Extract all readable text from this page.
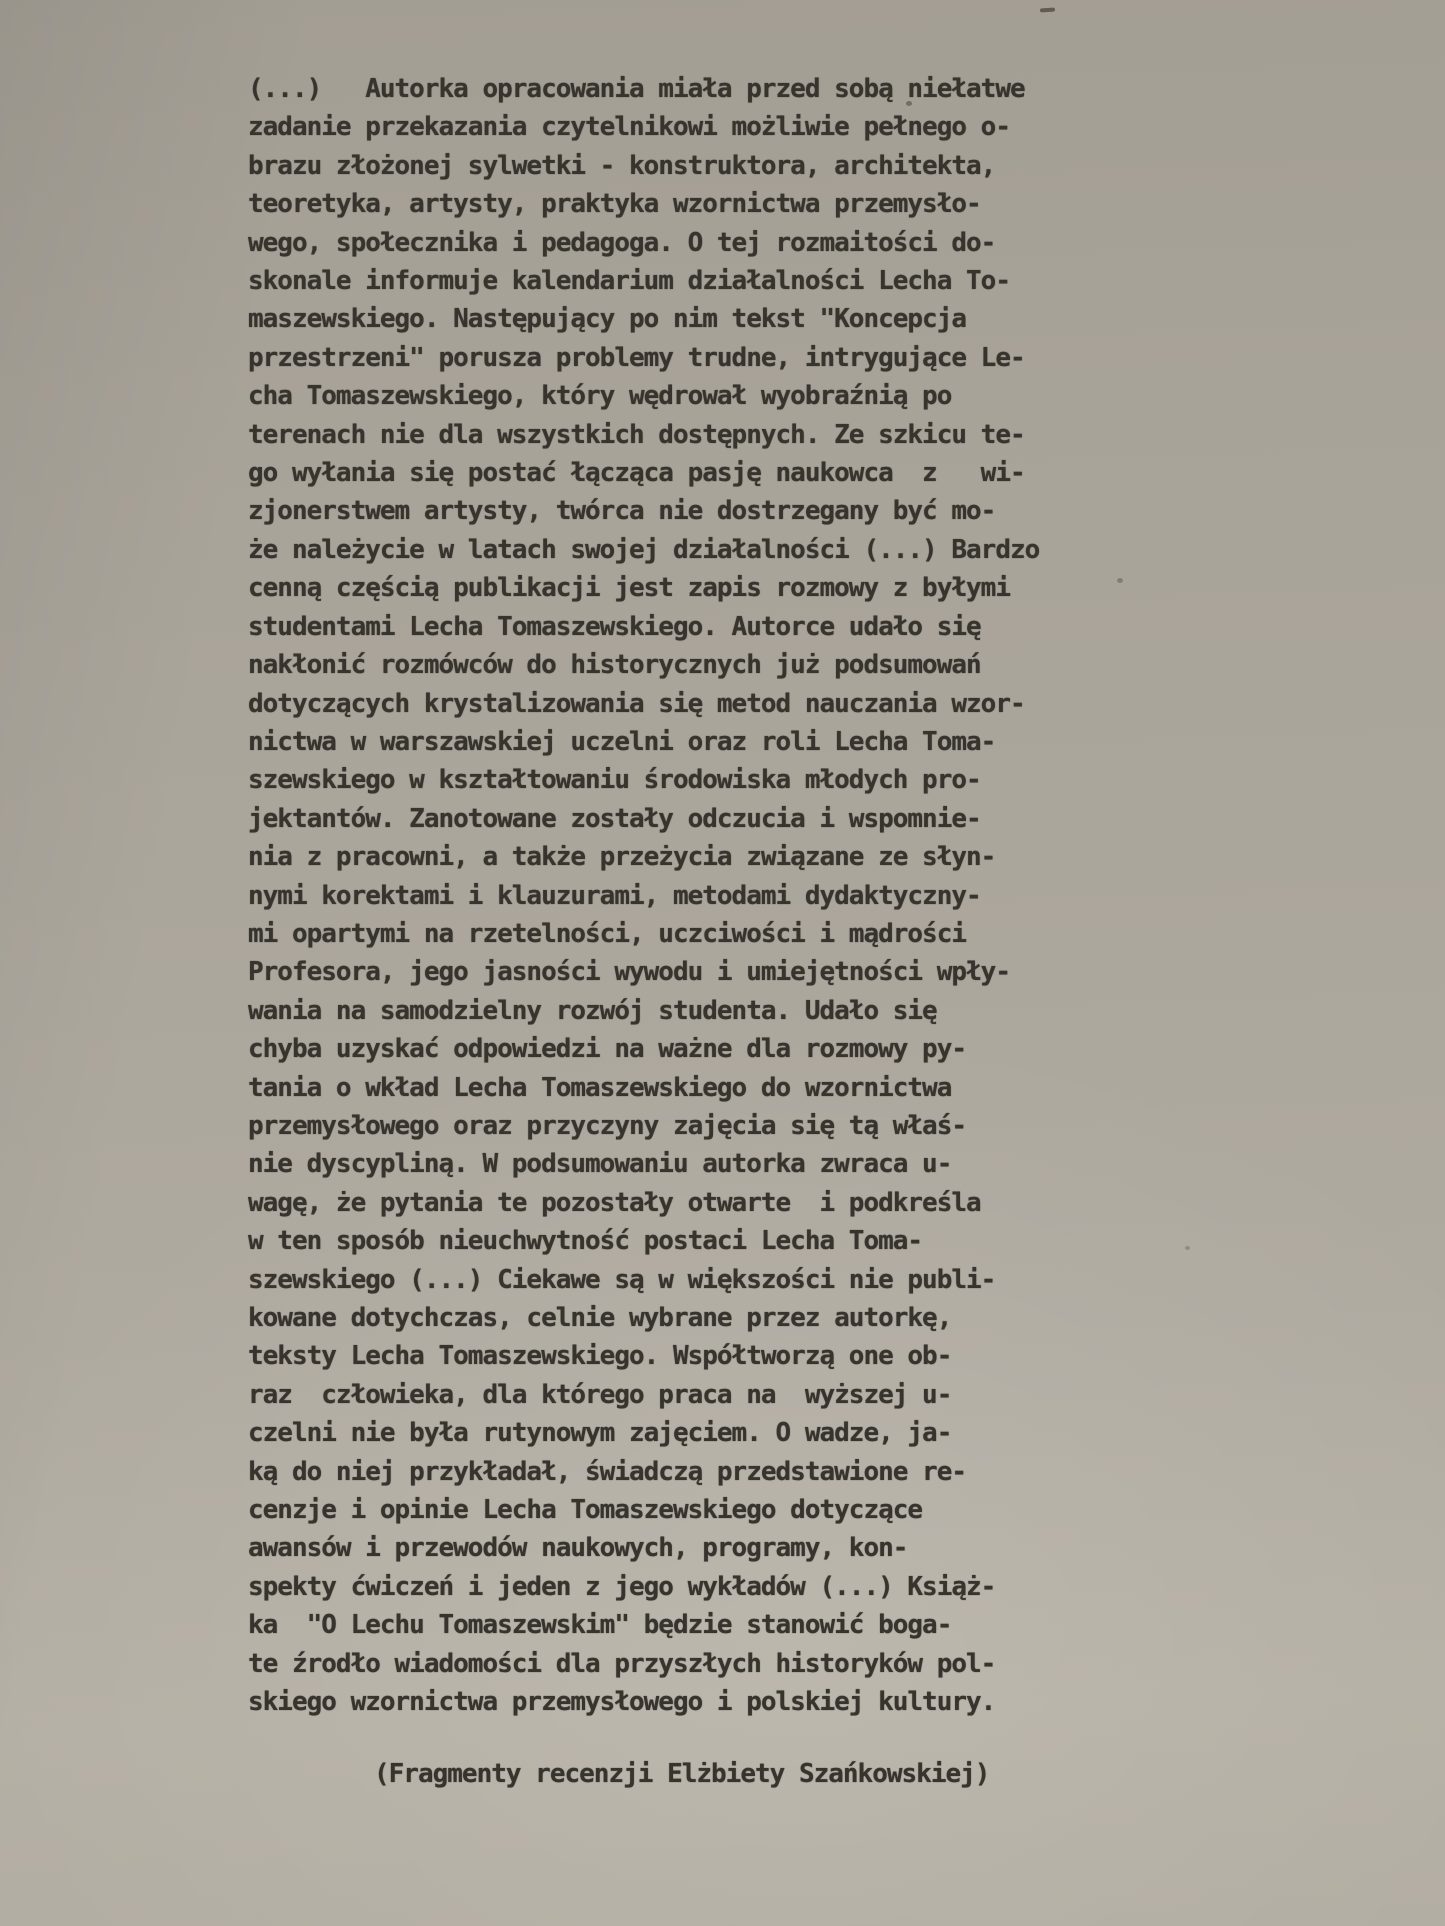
(...)   Autorka opracowania miała przed sobą niełatwe
zadanie przekazania czytelnikowi możliwie pełnego o-
brazu złożonej sylwetki - konstruktora, architekta,
teoretyka, artysty, praktyka wzornictwa przemysło-
wego, społecznika i pedagoga. O tej rozmaitości do-
skonale informuje kalendarium działalności Lecha To-
maszewskiego. Następujący po nim tekst "Koncepcja
przestrzeni" porusza problemy trudne, intrygujące Le-
cha Tomaszewskiego, który wędrował wyobraźnią po
terenach nie dla wszystkich dostępnych. Ze szkicu te-
go wyłania się postać łącząca pasję naukowca  z   wi-
zjonerstwem artysty, twórca nie dostrzegany być mo-
że należycie w latach swojej działalności (...) Bardzo
cenną częścią publikacji jest zapis rozmowy z byłymi
studentami Lecha Tomaszewskiego. Autorce udało się
nakłonić rozmówców do historycznych już podsumowań
dotyczących krystalizowania się metod nauczania wzor-
nictwa w warszawskiej uczelni oraz roli Lecha Toma-
szewskiego w kształtowaniu środowiska młodych pro-
jektantów. Zanotowane zostały odczucia i wspomnie-
nia z pracowni, a także przeżycia związane ze słyn-
nymi korektami i klauzurami, metodami dydaktyczny-
mi opartymi na rzetelności, uczciwości i mądrości
Profesora, jego jasności wywodu i umiejętności wpły-
wania na samodzielny rozwój studenta. Udało się
chyba uzyskać odpowiedzi na ważne dla rozmowy py-
tania o wkład Lecha Tomaszewskiego do wzornictwa
przemysłowego oraz przyczyny zajęcia się tą właś-
nie dyscypliną. W podsumowaniu autorka zwraca u-
wagę, że pytania te pozostały otwarte  i podkreśla
w ten sposób nieuchwytność postaci Lecha Toma-
szewskiego (...) Ciekawe są w większości nie publi-
kowane dotychczas, celnie wybrane przez autorkę,
teksty Lecha Tomaszewskiego. Współtworzą one ob-
raz  człowieka, dla którego praca na  wyższej u-
czelni nie była rutynowym zajęciem. O wadze, ja-
ką do niej przykładał, świadczą przedstawione re-
cenzje i opinie Lecha Tomaszewskiego dotyczące
awansów i przewodów naukowych, programy, kon-
spekty ćwiczeń i jeden z jego wykładów (...) Książ-
ka  "O Lechu Tomaszewskim" będzie stanowić boga-
te źrodło wiadomości dla przyszłych historyków pol-
skiego wzornictwa przemysłowego i polskiej kultury.
(Fragmenty recenzji Elżbiety Szańkowskiej)
